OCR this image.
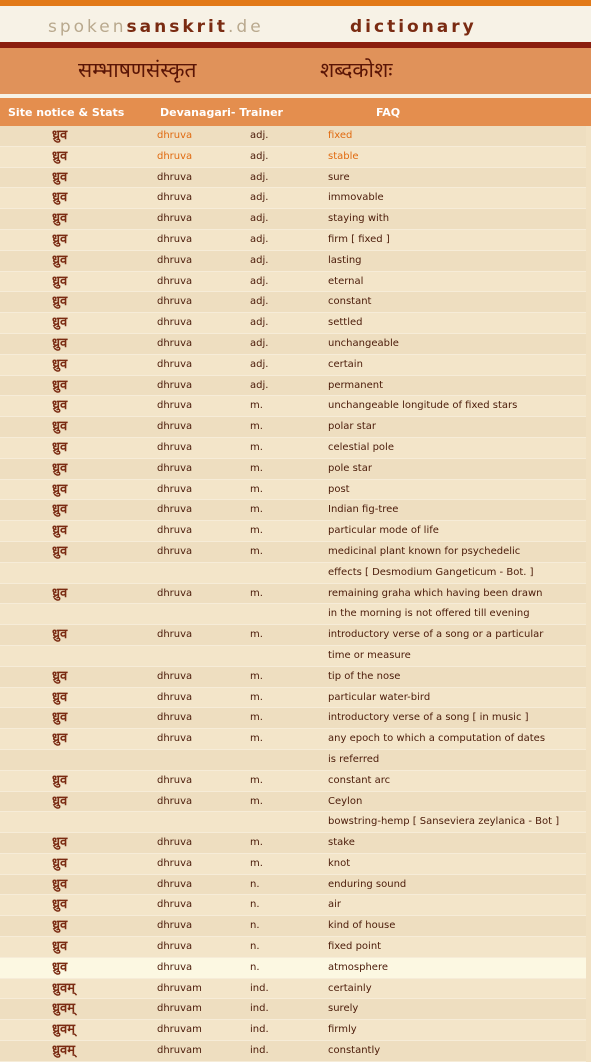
spokensanskrit.de	dictionary
सम्भाषणसंस्कृत	शब्दकोशः
Site notice & Stats	Devanagari- Trainer	FAQ
ध्रुव	dhruva	adj.	fixed
ध्रुव	dhruva	adj.	stable
ध्रुव	dhruva	adj.	sure
ध्रुव	dhruva	adj.	immovable
ध्रुव	dhruva	adj.	staying with
ध्रुव	dhruva	adj.	firm [ fixed ]
ध्रुव	dhruva	adj.	lasting
ध्रुव	dhruva	adj.	eternal
ध्रुव	dhruva	adj.	constant
ध्रुव	dhruva	adj.	settled
ध्रुव	dhruva	adj.	unchangeable
ध्रुव	dhruva	adj.	certain
ध्रुव	dhruva	adj.	permanent
ध्रुव	dhruva	m.	unchangeable longitude of fixed stars
ध्रुव	dhruva	m.	polar star
ध्रुव	dhruva	m.	celestial pole
ध्रुव	dhruva	m.	pole star
ध्रुव	dhruva	m.	post
ध्रुव	dhruva	m.	Indian fig-tree
ध्रुव	dhruva	m.	particular mode of life
ध्रुव	dhruva	m.	medicinal plant known for psychedelic
			effects [ Desmodium Gangeticum - Bot. ]
ध्रुव	dhruva	m.	remaining graha which having been drawn
			in the morning is not offered till evening
ध्रुव	dhruva	m.	introductory verse of a song or a particular
			time or measure
ध्रुव	dhruva	m.	tip of the nose
ध्रुव	dhruva	m.	particular water-bird
ध्रुव	dhruva	m.	introductory verse of a song [ in music ]
ध्रुव	dhruva	m.	any epoch to which a computation of dates
			is referred
ध्रुव	dhruva	m.	constant arc
ध्रुव	dhruva	m.	Ceylon
			bowstring-hemp [ Sanseviera zeylanica - Bot ]
ध्रुव	dhruva	m.	stake
ध्रुव	dhruva	m.	knot
ध्रुव	dhruva	n.	enduring sound
ध्रुव	dhruva	n.	air
ध्रुव	dhruva	n.	kind of house
ध्रुव	dhruva	n.	fixed point
ध्रुव	dhruva	n.	atmosphere
ध्रुवम्	dhruvam	ind.	certainly
ध्रुवम्	dhruvam	ind.	surely
ध्रुवम्	dhruvam	ind.	firmly
ध्रुवम्	dhruvam	ind.	constantly
